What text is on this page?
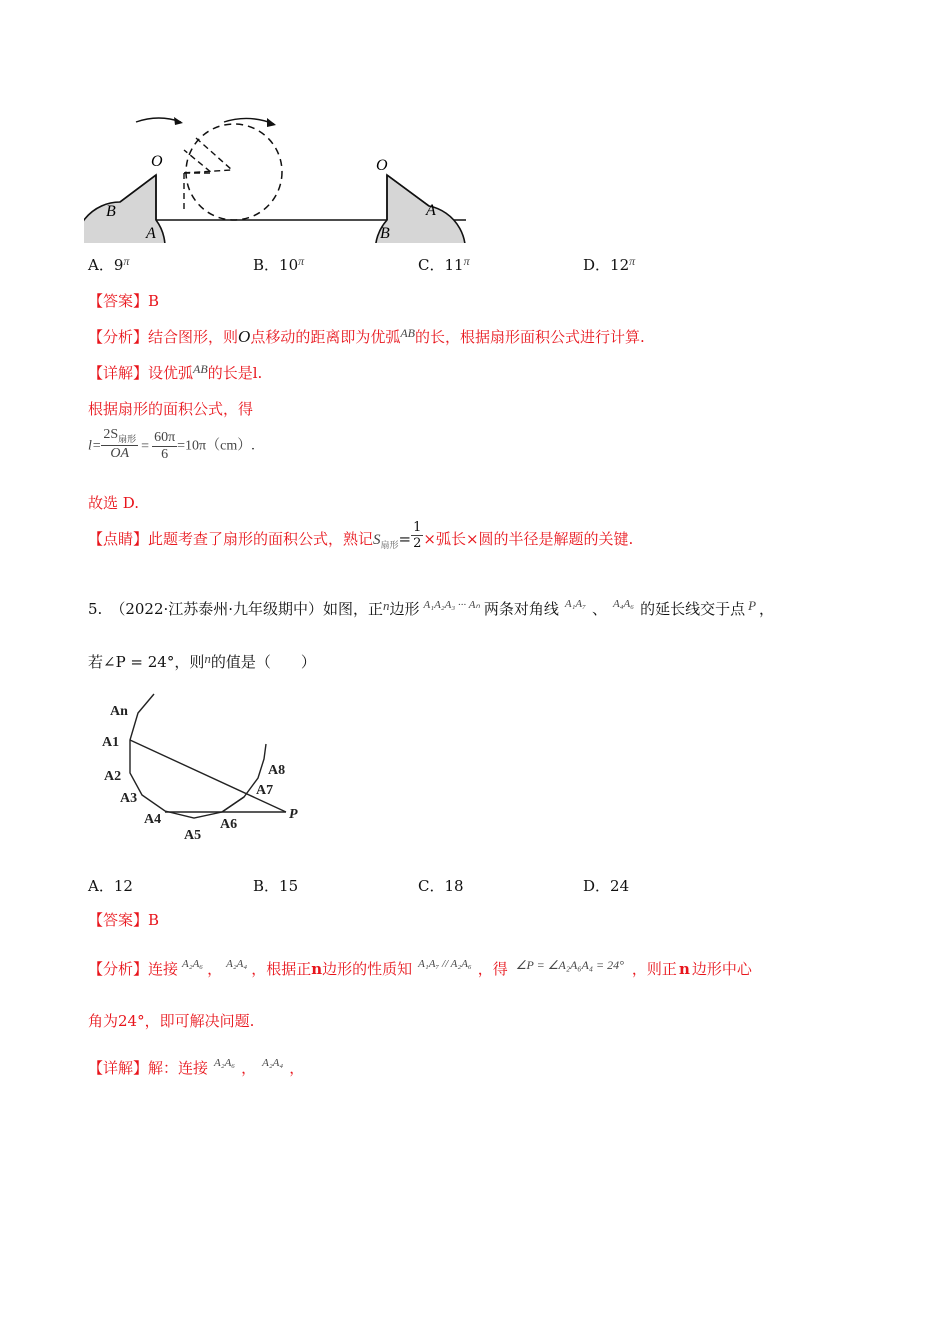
O
B
A
O
A
B
A．$9^\pi$	B．$10^\pi$	C．$11^\pi$	D．$12^\pi$
【答案】B
【分析】结合图形，则O点移动的距离即为优弧$^{AB}$的长，根据扇形面积公式进行计算.
【详解】设优弧$^{AB}$的长是l.
根据扇形的面积公式，得
$l= \frac{2S_{扇形}}{OA} = \frac{60\pi}{6} =10\pi(cm)$.
故选 D.
【点睛】此题考查了扇形的面积公式，熟记$S_{扇形}= \frac{1}{2}$ ×弧长×圆的半径是解题的关键.
5. （2022·江苏泰州·九年级期中）如图，正n边形 $^{A_1A_2A_3 \cdot\cdot\cdot A_n}$ 两条对角线 $^{A_1A_7}$ 、 $^{A_4A_6}$ 的延长线交于点 P ，
若∠P = 24°，则n的值是（　　）
An
A1
A2
A3
A4
A5
A6
A7
A8
P
A．12	B．15	C．18	D．24
【答案】B
【分析】连接 $^{A_2A_6}$ ， $^{A_2A_4}$ ，根据正n边形的性质知 $^{A_1A_7 // A_2A_6}$ ，得 $^{\angle P = \angle A_2A_6A_4 = 24^\circ}$ ，则正 n 边形中心
角为24°，即可解决问题.
【详解】解：连接 $^{A_2A_6}$ ， $^{A_2A_4}$ ，
